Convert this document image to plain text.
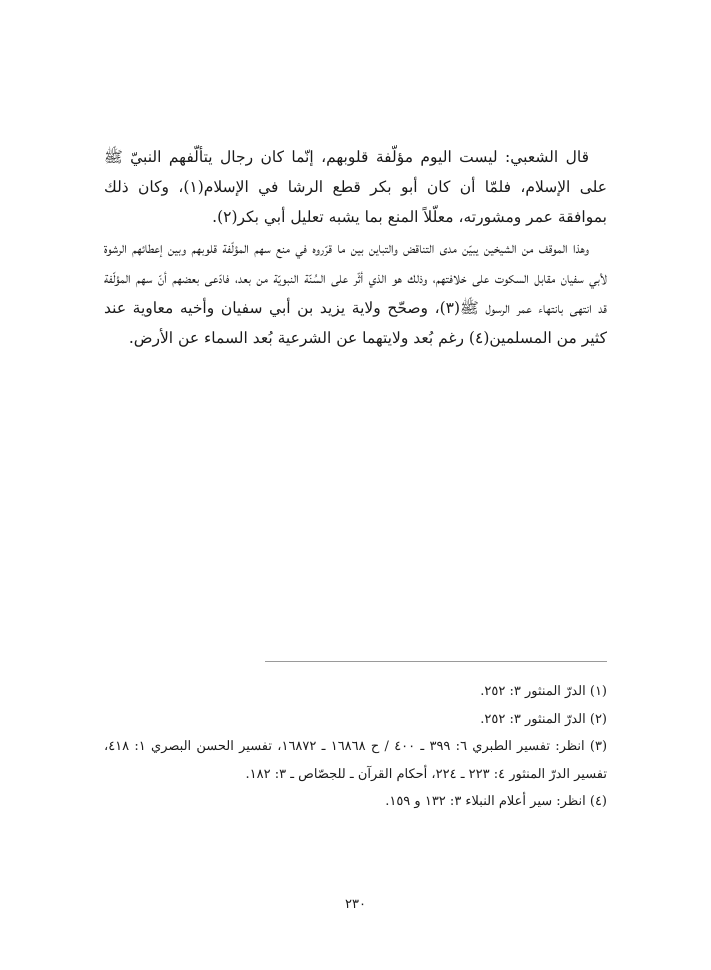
قال الشعبي: ليست اليوم مؤلّفة قلوبهم، إنّما كان رجال يتألّفهم النبيّ ﷺ على الإسلام، فلمّا أن كان أبو بكر قطع الرشا في الإسلام(١)، وكان ذلك بموافقة عمر ومشورته، معلّلاً المنع بما يشبه تعليل أبي بكر(٢).

وهذا الموقف من الشيخين يبيّن مدى التناقض والتباين بين ما قرّروه في منع سهم المؤلّفة قلوبهم وبين إعطائهم الرشوة لأبي سفيان مقابل السكوت على خلافتهم، وذلك هو الذي أثّر على السُنّة النبويّة من بعد، فادّعى بعضهم أنّ سهم المؤلّفة قد انتهى بانتهاء عمر الرسول ﷺ(٣)، وصحّح ولاية يزيد بن أبي سفيان وأخيه معاوية عند كثير من المسلمين(٤) رغم بُعد ولايتهما عن الشرعية بُعد السماء عن الأرض.

(١) الدرّ المنثور ٣: ٢٥٢.

(٢) الدرّ المنثور ٣: ٢٥٢.

(٣) انظر: تفسير الطبري ٦: ٣٩٩ ـ ٤٠٠ / ح ١٦٨٦٨ ـ ١٦٨٧٢، تفسير الحسن البصري ١: ٤١٨، تفسير الدرّ المنثور ٤: ٢٢٣ ـ ٢٢٤، أحكام القرآن ـ للجصّاص ـ ٣: ١٨٢.

(٤) انظر: سير أعلام النبلاء ٣: ١٣٢ و ١٥٩.

٢٣٠
